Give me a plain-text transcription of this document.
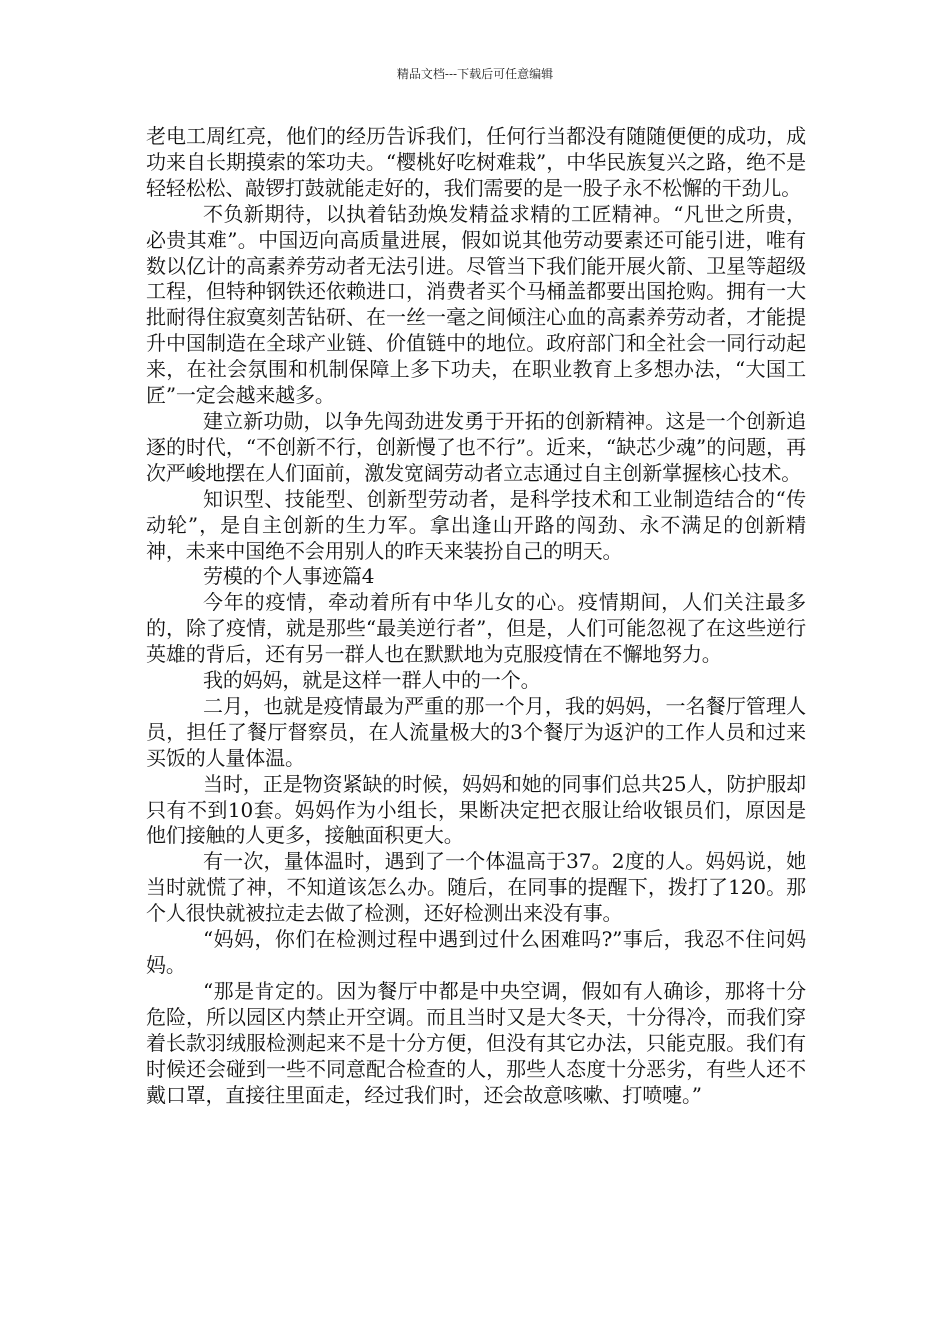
精品文档---下载后可任意编辑

老电工周红亮，他们的经历告诉我们，任何行当都没有随随便便的成功，成功来自长期摸索的笨功夫。“樱桃好吃树难栽”，中华民族复兴之路，绝不是轻轻松松、敲锣打鼓就能走好的，我们需要的是一股子永不松懈的干劲儿。

不负新期待，以执着钻劲焕发精益求精的工匠精神。“凡世之所贵，必贵其难”。中国迈向高质量进展，假如说其他劳动要素还可能引进，唯有数以亿计的高素养劳动者无法引进。尽管当下我们能开展火箭、卫星等超级工程，但特种钢铁还依赖进口，消费者买个马桶盖都要出国抢购。拥有一大批耐得住寂寞刻苦钻研、在一丝一毫之间倾注心血的高素养劳动者，才能提升中国制造在全球产业链、价值链中的地位。政府部门和全社会一同行动起来，在社会氛围和机制保障上多下功夫，在职业教育上多想办法，“大国工匠”一定会越来越多。

建立新功勋，以争先闯劲进发勇于开拓的创新精神。这是一个创新追逐的时代，“不创新不行，创新慢了也不行”。近来，“缺芯少魂”的问题，再次严峻地摆在人们面前，激发宽阔劳动者立志通过自主创新掌握核心技术。

知识型、技能型、创新型劳动者，是科学技术和工业制造结合的“传动轮”，是自主创新的生力军。拿出逢山开路的闯劲、永不满足的创新精神，未来中国绝不会用别人的昨天来装扮自己的明天。

劳模的个人事迹篇4

今年的疫情，牵动着所有中华儿女的心。疫情期间，人们关注最多的，除了疫情，就是那些“最美逆行者”，但是，人们可能忽视了在这些逆行英雄的背后，还有另一群人也在默默地为克服疫情在不懈地努力。

我的妈妈，就是这样一群人中的一个。

二月，也就是疫情最为严重的那一个月，我的妈妈，一名餐厅管理人员，担任了餐厅督察员，在人流量极大的3个餐厅为返沪的工作人员和过来买饭的人量体温。

当时，正是物资紧缺的时候，妈妈和她的同事们总共25人，防护服却只有不到10套。妈妈作为小组长，果断决定把衣服让给收银员们，原因是他们接触的人更多，接触面积更大。

有一次，量体温时，遇到了一个体温高于37。2度的人。妈妈说，她当时就慌了神，不知道该怎么办。随后，在同事的提醒下，拨打了120。那个人很快就被拉走去做了检测，还好检测出来没有事。

“妈妈，你们在检测过程中遇到过什么困难吗?”事后，我忍不住问妈妈。

“那是肯定的。因为餐厅中都是中央空调，假如有人确诊，那将十分危险，所以园区内禁止开空调。而且当时又是大冬天，十分得冷，而我们穿着长款羽绒服检测起来不是十分方便，但没有其它办法，只能克服。我们有时候还会碰到一些不同意配合检查的人，那些人态度十分恶劣，有些人还不戴口罩，直接往里面走，经过我们时，还会故意咳嗽、打喷嚏。”
